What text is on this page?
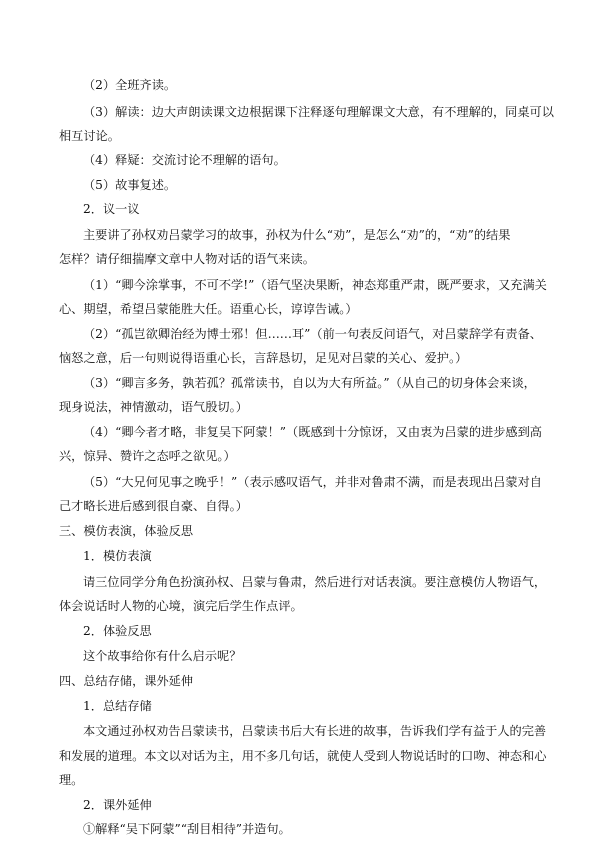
（2）全班齐读。
（3）解读：边大声朗读课文边根据课下注释逐句理解课文大意，有不理解的，同桌可以
相互讨论。
（4）释疑：交流讨论不理解的语句。
（5）故事复述。
2．议一议
主要讲了孙权劝吕蒙学习的故事，孙权为什么“劝”，是怎么“劝”的，“劝”的结果
怎样？请仔细揣摩文章中人物对话的语气来读。
（1）“卿今涂掌事，不可不学!”（语气坚决果断，神态郑重严肃，既严要求，又充满关
心、期望，希望吕蒙能胜大任。语重心长，谆谆告诫。）
（2）“孤岂欲卿治经为博士邪！但……耳”（前一句表反问语气，对吕蒙辞学有责备、
恼怒之意，后一句则说得语重心长，言辞恳切，足见对吕蒙的关心、爱护。）
（3）“卿言多务，孰若孤？孤常读书，自以为大有所益。”（从自己的切身体会来谈，
现身说法，神情激动，语气殷切。）
（4）“卿今者才略，非复吴下阿蒙！”（既感到十分惊讶，又由衷为吕蒙的进步感到高
兴，惊异、赞许之态呼之欲见。）
（5）“大兄何见事之晚乎！”（表示感叹语气，并非对鲁肃不满，而是表现出吕蒙对自
己才略长进后感到很自豪、自得。）
三、模仿表演，体验反思
1．模仿表演
请三位同学分角色扮演孙权、吕蒙与鲁肃，然后进行对话表演。要注意模仿人物语气，
体会说话时人物的心境，演完后学生作点评。
2．体验反思
这个故事给你有什么启示呢？
四、总结存储，课外延伸
1．总结存储
本文通过孙权劝告吕蒙读书，吕蒙读书后大有长进的故事，告诉我们学有益于人的完善
和发展的道理。本文以对话为主，用不多几句话，就使人受到人物说话时的口吻、神态和心
理。
2．课外延伸
①解释“吴下阿蒙”“刮目相待”并造句。
